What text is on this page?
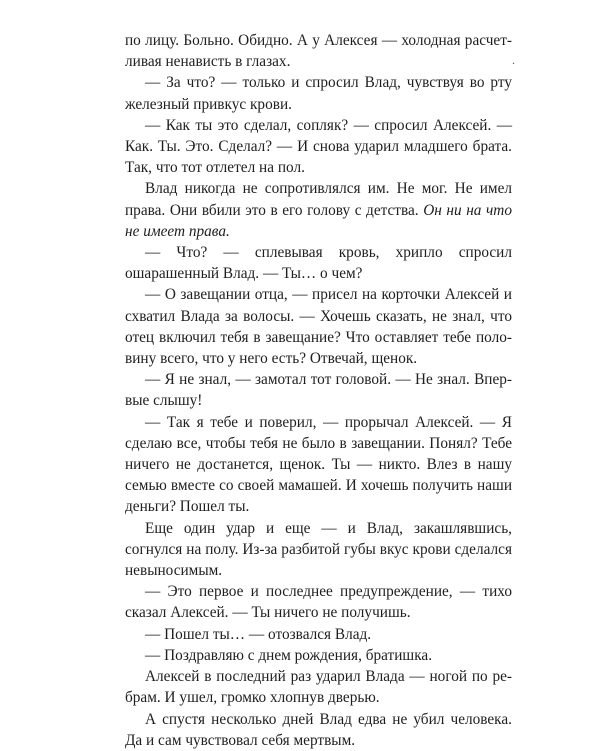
.

по лицу. Больно. Обидно. А у Алексея — холодная расчетливая ненависть в глазах.

— За что? — только и спросил Влад, чувствуя во рту железный привкус крови.

— Как ты это сделал, сопляк? — спросил Алексей. — Как. Ты. Это. Сделал? — И снова ударил младшего брата. Так, что тот отлетел на пол.

Влад никогда не сопротивлялся им. Не мог. Не имел права. Они вбили это в его голову с детства. Он ни на что не имеет права.

— Что? — сплевывая кровь, хрипло спросил ошарашенный Влад. — Ты… о чем?

— О завещании отца, — присел на корточки Алексей и схватил Влада за волосы. — Хочешь сказать, не знал, что отец включил тебя в завещание? Что оставляет тебе половину всего, что у него есть? Отвечай, щенок.

— Я не знал, — замотал тот головой. — Не знал. Впервые слышу!

— Так я тебе и поверил, — прорычал Алексей. — Я сделаю все, чтобы тебя не было в завещании. Понял? Тебе ничего не достанется, щенок. Ты — никто. Влез в нашу семью вместе со своей мамашей. И хочешь получить наши деньги? Пошел ты.

Еще один удар и еще — и Влад, закашлявшись, согнулся на полу. Из-за разбитой губы вкус крови сделался невыносимым.

— Это первое и последнее предупреждение, — тихо сказал Алексей. — Ты ничего не получишь.

— Пошел ты… — отозвался Влад.

— Поздравляю с днем рождения, братишка.

Алексей в последний раз ударил Влада — ногой по ребрам. И ушел, громко хлопнув дверью.

А спустя несколько дней Влад едва не убил человека. Да и сам чувствовал себя мертвым.
